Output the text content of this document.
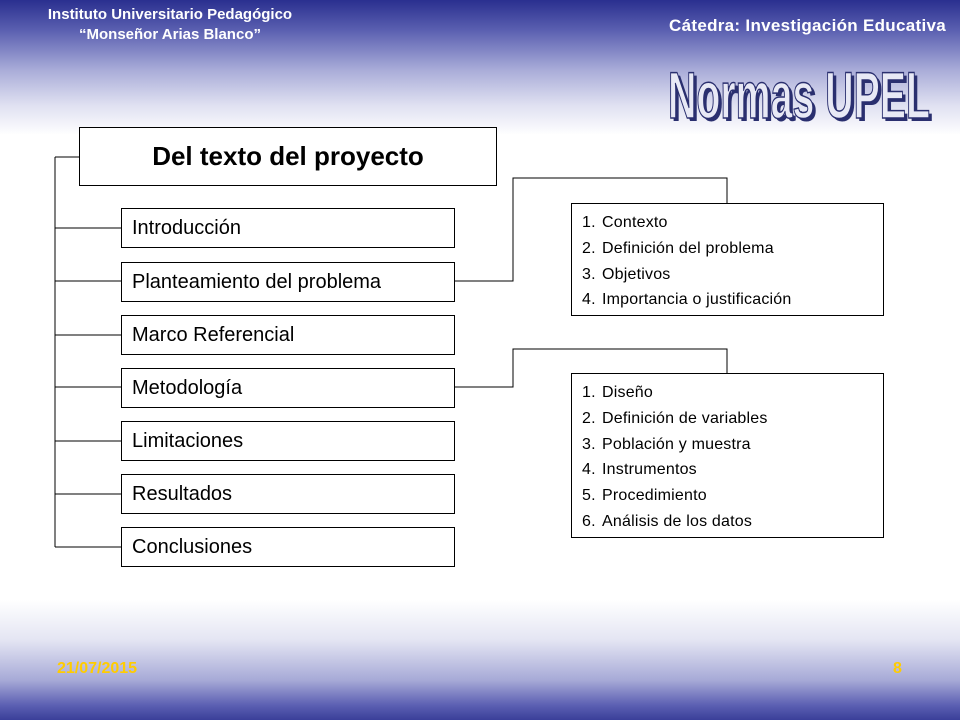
Instituto Universitario Pedagógico
“Monseñor Arias Blanco”	Cátedra: Investigación Educativa
Normas UPEL
Normas UPEL
Del texto del proyecto
Introducción
Planteamiento del problema
Marco Referencial
Metodología
Limitaciones
Resultados
Conclusiones
1. Contexto
2. Definición del problema
3. Objetivos
4. Importancia o justificación
1. Diseño
2. Definición de variables
3. Población y muestra
4. Instrumentos
5. Procedimiento
6. Análisis de los datos
21/07/2015	8
